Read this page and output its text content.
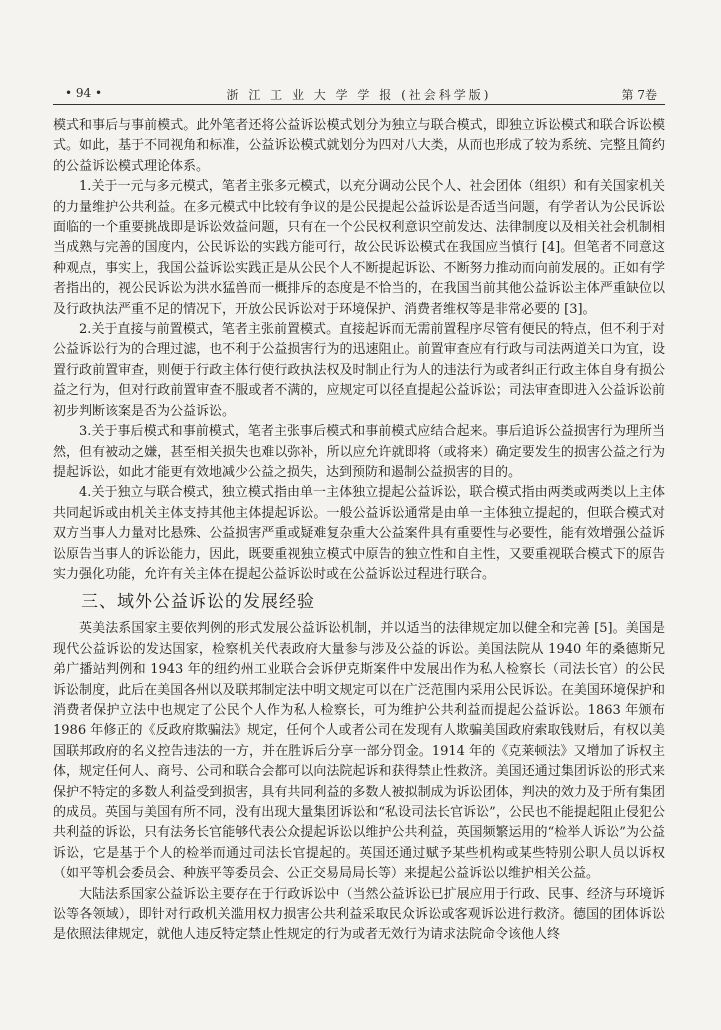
• 94 •	浙 江 工 业 大 学 学 报 (社会科学版)	第 7卷

模式和事后与事前模式。此外笔者还将公益诉讼模式划分为独立与联合模式，即独立诉讼模式和联合诉讼模式。如此，基于不同视角和标准，公益诉讼模式就划分为四对八大类，从而也形成了较为系统、完整且简约的公益诉讼模式理论体系。

1.关于一元与多元模式，笔者主张多元模式，以充分调动公民个人、社会团体（组织）和有关国家机关的力量维护公共利益。在多元模式中比较有争议的是公民提起公益诉讼是否适当问题，有学者认为公民诉讼面临的一个重要挑战即是诉讼效益问题，只有在一个公民权利意识空前发达、法律制度以及相关社会机制相当成熟与完善的国度内，公民诉讼的实践方能可行，故公民诉讼模式在我国应当慎行 [4]。但笔者不同意这种观点，事实上，我国公益诉讼实践正是从公民个人不断提起诉讼、不断努力推动而向前发展的。正如有学者指出的，视公民诉讼为洪水猛兽而一概排斥的态度是不恰当的，在我国当前其他公益诉讼主体严重缺位以及行政执法严重不足的情况下，开放公民诉讼对于环境保护、消费者维权等是非常必要的 [3]。

2.关于直接与前置模式，笔者主张前置模式。直接起诉而无需前置程序尽管有便民的特点，但不利于对公益诉讼行为的合理过滤，也不利于公益损害行为的迅速阻止。前置审查应有行政与司法两道关口为宜，设置行政前置审查，则便于行政主体行使行政执法权及时制止行为人的违法行为或者纠正行政主体自身有损公益之行为，但对行政前置审查不服或者不满的，应规定可以径直提起公益诉讼；司法审查即进入公益诉讼前初步判断该案是否为公益诉讼。

3.关于事后模式和事前模式，笔者主张事后模式和事前模式应结合起来。事后追诉公益损害行为理所当然，但有被动之嫌，甚至相关损失也难以弥补，所以应允许就即将（或将来）确定要发生的损害公益之行为提起诉讼，如此才能更有效地减少公益之损失，达到预防和遏制公益损害的目的。

4.关于独立与联合模式，独立模式指由单一主体独立提起公益诉讼，联合模式指由两类或两类以上主体共同起诉或由机关主体支持其他主体提起诉讼。一般公益诉讼通常是由单一主体独立提起的，但联合模式对双方当事人力量对比悬殊、公益损害严重或疑难复杂重大公益案件具有重要性与必要性，能有效增强公益诉讼原告当事人的诉讼能力，因此，既要重视独立模式中原告的独立性和自主性，又要重视联合模式下的原告实力强化功能，允许有关主体在提起公益诉讼时或在公益诉讼过程进行联合。

三、域外公益诉讼的发展经验

英美法系国家主要依判例的形式发展公益诉讼机制，并以适当的法律规定加以健全和完善 [5]。美国是现代公益诉讼的发达国家，检察机关代表政府大量参与涉及公益的诉讼。美国法院从 1940 年的桑德斯兄弟广播站判例和 1943 年的纽约州工业联合会诉伊克斯案件中发展出作为私人检察长（司法长官）的公民诉讼制度，此后在美国各州以及联邦制定法中明文规定可以在广泛范围内采用公民诉讼。在美国环境保护和消费者保护立法中也规定了公民个人作为私人检察长，可为维护公共利益而提起公益诉讼。1863 年颁布 1986 年修正的《反政府欺骗法》规定，任何个人或者公司在发现有人欺骗美国政府索取钱财后，有权以美国联邦政府的名义控告违法的一方，并在胜诉后分享一部分罚金。1914 年的《克莱顿法》又增加了诉权主体，规定任何人、商号、公司和联合会都可以向法院起诉和获得禁止性救济。美国还通过集团诉讼的形式来保护不特定的多数人利益受到损害，具有共同利益的多数人被拟制成为诉讼团体，判决的效力及于所有集团的成员。英国与美国有所不同，没有出现大量集团诉讼和“私设司法长官诉讼”，公民也不能提起阻止侵犯公共利益的诉讼，只有法务长官能够代表公众提起诉讼以维护公共利益，英国频繁运用的“检举人诉讼”为公益诉讼，它是基于个人的检举而通过司法长官提起的。英国还通过赋予某些机构或某些特别公职人员以诉权（如平等机会委员会、种族平等委员会、公正交易局局长等）来提起公益诉讼以维护相关公益。

大陆法系国家公益诉讼主要存在于行政诉讼中（当然公益诉讼已扩展应用于行政、民事、经济与环境诉讼等各领域），即针对行政机关滥用权力损害公共利益采取民众诉讼或客观诉讼进行救济。德国的团体诉讼是依照法律规定，就他人违反特定禁止性规定的行为或者无效行为请求法院命令该他人终
